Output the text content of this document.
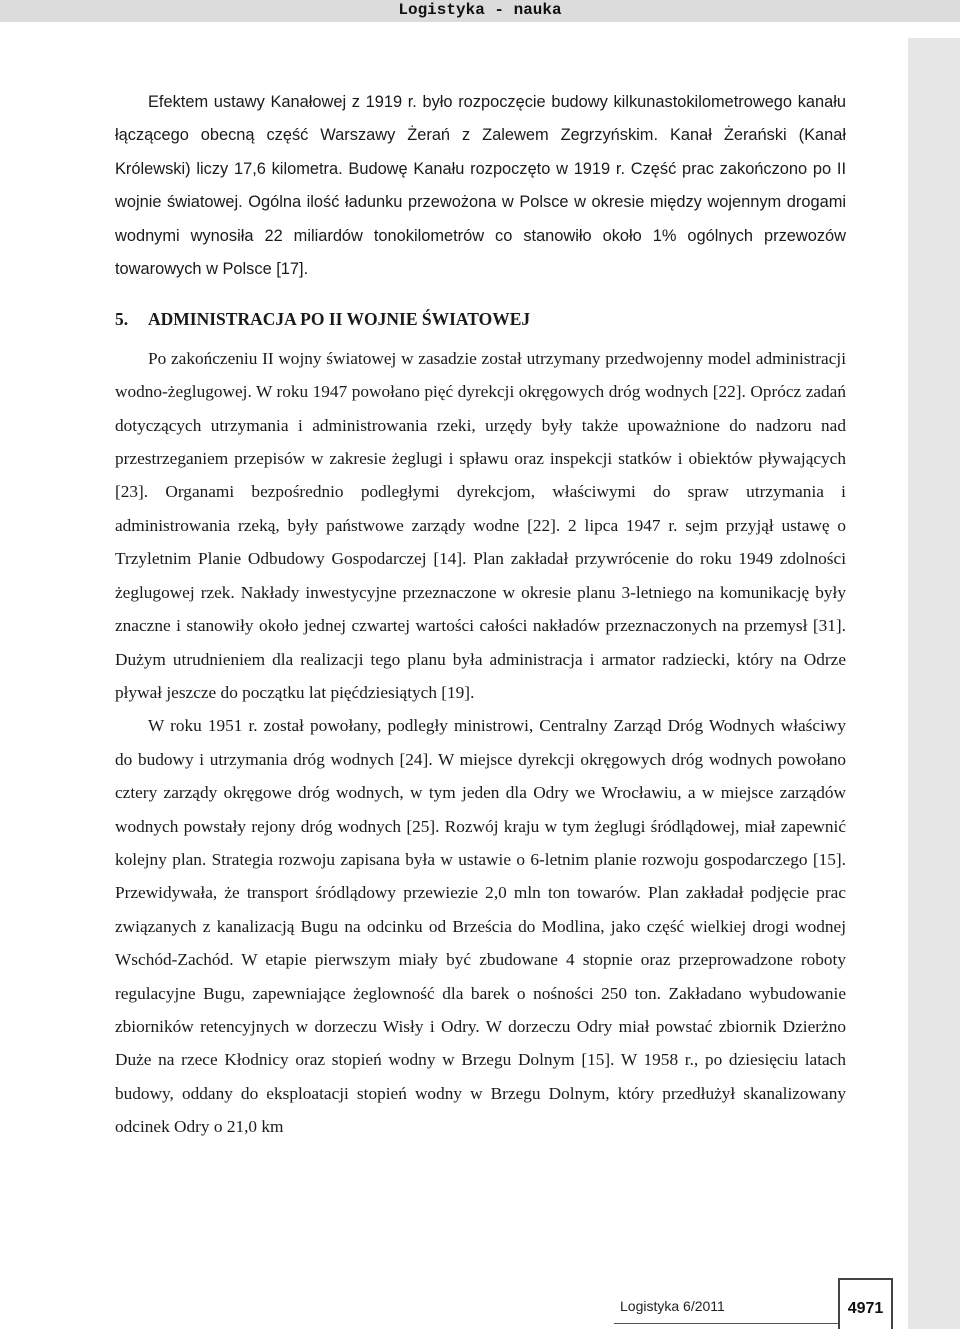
Logistyka - nauka

Efektem ustawy Kanałowej z 1919 r. było rozpoczęcie budowy kilkunastokilometrowego kanału łączącego obecną część Warszawy Żerań z Zalewem Zegrzyńskim. Kanał Żerański (Kanał Królewski) liczy 17,6 kilometra. Budowę Kanału rozpoczęto w 1919 r. Część prac zakończono po II wojnie światowej. Ogólna ilość ładunku przewożona w Polsce w okresie między wojennym drogami wodnymi wynosiła 22 miliardów tonokilometrów co stanowiło około 1% ogólnych przewozów towarowych w Polsce [17].

5. ADMINISTRACJA PO II WOJNIE ŚWIATOWEJ

Po zakończeniu II wojny światowej w zasadzie został utrzymany przedwojenny model administracji wodno-żeglugowej. W roku 1947 powołano pięć dyrekcji okręgowych dróg wodnych [22]. Oprócz zadań dotyczących utrzymania i administrowania rzeki, urzędy były także upoważnione do nadzoru nad przestrzeganiem przepisów w zakresie żeglugi i spławu oraz inspekcji statków i obiektów pływających [23]. Organami bezpośrednio podległymi dyrekcjom, właściwymi do spraw utrzymania i administrowania rzeką, były państwowe zarządy wodne [22]. 2 lipca 1947 r. sejm przyjął ustawę o Trzyletnim Planie Odbudowy Gospodarczej [14]. Plan zakładał przywrócenie do roku 1949 zdolności żeglugowej rzek. Nakłady inwestycyjne przeznaczone w okresie planu 3-letniego na komunikację były znaczne i stanowiły około jednej czwartej wartości całości nakładów przeznaczonych na przemysł [31]. Dużym utrudnieniem dla realizacji tego planu była administracja i armator radziecki, który na Odrze pływał jeszcze do początku lat pięćdziesiątych [19].

W roku 1951 r. został powołany, podległy ministrowi, Centralny Zarząd Dróg Wodnych właściwy do budowy i utrzymania dróg wodnych [24]. W miejsce dyrekcji okręgowych dróg wodnych powołano cztery zarządy okręgowe dróg wodnych, w tym jeden dla Odry we Wrocławiu, a w miejsce zarządów wodnych powstały rejony dróg wodnych [25]. Rozwój kraju w tym żeglugi śródlądowej, miał zapewnić kolejny plan. Strategia rozwoju zapisana była w ustawie o 6-letnim planie rozwoju gospodarczego [15]. Przewidywała, że transport śródlądowy przewiezie 2,0 mln ton towarów. Plan zakładał podjęcie prac związanych z kanalizacją Bugu na odcinku od Brześcia do Modlina, jako część wielkiej drogi wodnej Wschód-Zachód. W etapie pierwszym miały być zbudowane 4 stopnie oraz przeprowadzone roboty regulacyjne Bugu, zapewniające żeglowność dla barek o nośności 250 ton. Zakładano wybudowanie zbiorników retencyjnych w dorzeczu Wisły i Odry. W dorzeczu Odry miał powstać zbiornik Dzierżno Duże na rzece Kłodnicy oraz stopień wodny w Brzegu Dolnym [15]. W 1958 r., po dziesięciu latach budowy, oddany do eksploatacji stopień wodny w Brzegu Dolnym, który przedłużył skanalizowany odcinek Odry o 21,0 km

Logistyka 6/2011	4971
